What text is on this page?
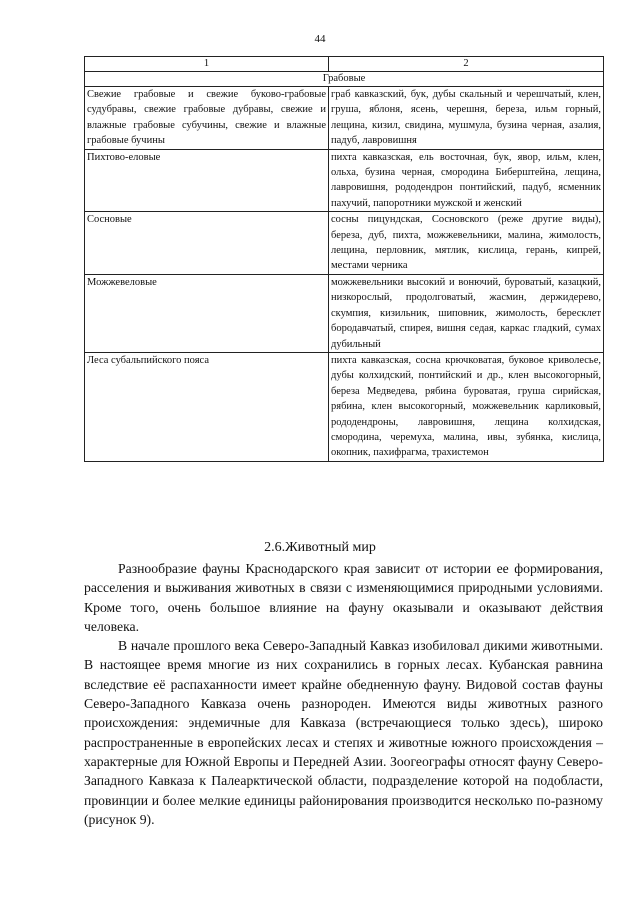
44
1	2
Грабовые	
Свежие грабовые и свежие буково-грабовые судубравы, свежие грабовые дубравы, свежие и влажные грабовые субучины, свежие и влажные грабовые бучины	граб кавказский, бук, дубы скальный и черешчатый, клен, груша, яблоня, ясень, черешня, береза, ильм горный, лещина, кизил, свидина, мушмула, бузина черная, азалия, падуб, лавровишня
Пихтово-еловые	пихта кавказская, ель восточная, бук, явор, ильм, клен, ольха, бузина черная, смородина Биберштейна, лещина, лавровишня, рододендрон понтийский, падуб, ясменник пахучий, папоротники мужской и женский
Сосновые	сосны пицундская, Сосновского (реже другие виды), береза, дуб, пихта, можжевельники, малина, жимолость, лещина, перловник, мятлик, кислица, герань, кипрей, местами черника
Можжевеловые	можжевельники высокий и вонючий, буроватый, казацкий, низкорослый, продолговатый, жасмин, держидерево, скумпия, кизильник, шиповник, жимолость, бересклет бородавчатый, спирея, вишня седая, каркас гладкий, сумах дубильный
Леса субальпийского пояса	пихта кавказская, сосна крючковатая, буковое криволесье, дубы колхидский, понтийский и др., клен высокогорный, береза Медведева, рябина буроватая, груша сирийская, рябина, клен высокогорный, можжевельник карликовый, рододендроны, лавровишня, лещина колхидская, смородина, черемуха, малина, ивы, зубянка, кислица, окопник, пахифрагма, трахистемон
2.6.Животный мир

Разнообразие фауны Краснодарского края зависит от истории ее формирования, расселения и выживания животных в связи с изменяющимися природными условиями. Кроме того, очень большое влияние на фауну оказывали и оказывают действия человека.

В начале прошлого века Северо-Западный Кавказ изобиловал дикими животными. В настоящее время многие из них сохранились в горных лесах. Кубанская равнина вследствие её распаханности имеет крайне обедненную фауну. Видовой состав фауны Северо-Западного Кавказа очень разнороден. Имеются виды животных разного происхождения: эндемичные для Кавказа (встречающиеся только здесь), широко распространенные в европейских лесах и степях и животные южного происхождения – характерные для Южной Европы и Передней Азии. Зоогеографы относят фауну Северо-Западного Кавказа к Палеарктической области, подразделение которой на подобласти, провинции и более мелкие единицы районирования производится несколько по-разному (рисунок 9).
